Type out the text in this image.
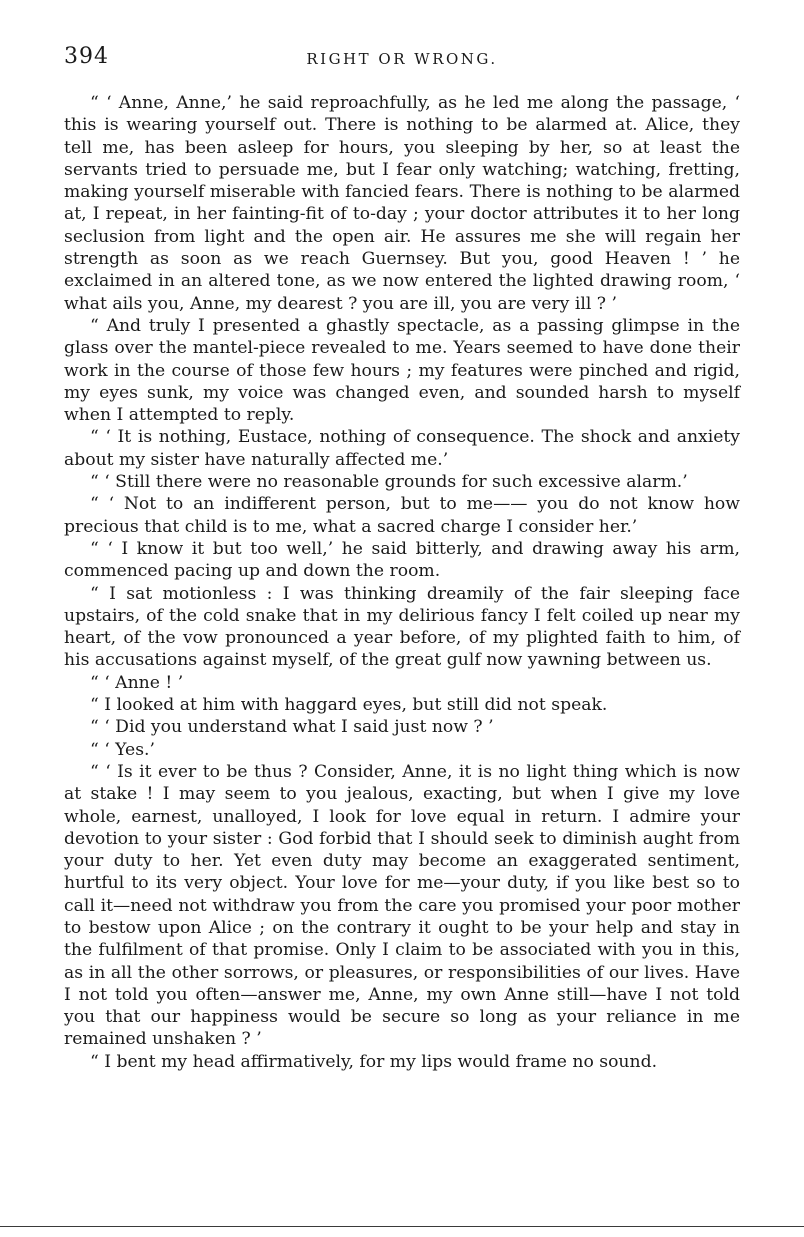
394	RIGHT OR WRONG.

“ ‘ Anne, Anne,’ he said reproachfully, as he led me along the passage, ‘ this is wearing yourself out. There is nothing to be alarmed at. Alice, they tell me, has been asleep for hours, you sleeping by her, so at least the servants tried to persuade me, but I fear only watching; watching, fretting, making yourself miserable with fancied fears. There is nothing to be alarmed at, I repeat, in her fainting-fit of to-day ; your doctor attributes it to her long seclusion from light and the open air. He assures me she will regain her strength as soon as we reach Guernsey. But you, good Heaven ! ’ he exclaimed in an altered tone, as we now entered the lighted drawing room, ‘ what ails you, Anne, my dearest ? you are ill, you are very ill ? ’

“ And truly I presented a ghastly spectacle, as a passing glimpse in the glass over the mantel-piece revealed to me. Years seemed to have done their work in the course of those few hours ; my features were pinched and rigid, my eyes sunk, my voice was changed even, and sounded harsh to myself when I attempted to reply.

“ ‘ It is nothing, Eustace, nothing of consequence. The shock and anxiety about my sister have naturally affected me.’

“ ‘ Still there were no reasonable grounds for such excessive alarm.’

“ ‘ Not to an indifferent person, but to me—— you do not know how precious that child is to me, what a sacred charge I consider her.’

“ ‘ I know it but too well,’ he said bitterly, and drawing away his arm, commenced pacing up and down the room.

“ I sat motionless : I was thinking dreamily of the fair sleeping face upstairs, of the cold snake that in my delirious fancy I felt coiled up near my heart, of the vow pronounced a year before, of my plighted faith to him, of his accusations against myself, of the great gulf now yawning between us.

“ ‘ Anne ! ’

“ I looked at him with haggard eyes, but still did not speak.

“ ‘ Did you understand what I said just now ? ’

“ ‘ Yes.’

“ ‘ Is it ever to be thus ? Consider, Anne, it is no light thing which is now at stake ! I may seem to you jealous, exacting, but when I give my love whole, earnest, unalloyed, I look for love equal in return. I admire your devotion to your sister : God forbid that I should seek to diminish aught from your duty to her. Yet even duty may become an exaggerated sentiment, hurtful to its very object. Your love for me—your duty, if you like best so to call it—need not withdraw you from the care you promised your poor mother to bestow upon Alice ; on the contrary it ought to be your help and stay in the fulfilment of that promise. Only I claim to be associated with you in this, as in all the other sorrows, or pleasures, or responsibilities of our lives. Have I not told you often—answer me, Anne, my own Anne still—have I not told you that our happiness would be secure so long as your reliance in me remained unshaken ? ’

“ I bent my head affirmatively, for my lips would frame no sound.
